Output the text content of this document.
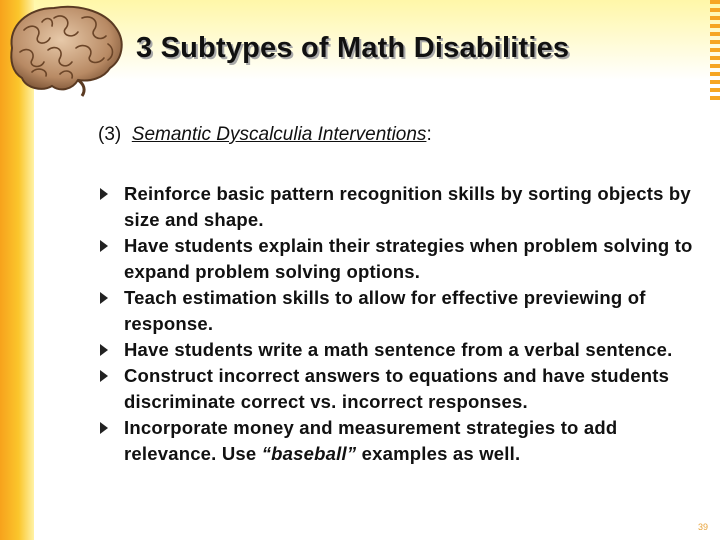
3 Subtypes of Math Disabilities
(3) Semantic Dyscalculia Interventions:
Reinforce basic pattern recognition skills by sorting objects by size and shape.
Have students explain their strategies when problem solving to expand problem solving options.
Teach estimation skills to allow for effective previewing of response.
Have students write a math sentence from a verbal sentence.
Construct incorrect answers to equations and have students discriminate correct vs. incorrect responses.
Incorporate money and measurement strategies to add relevance. Use “baseball” examples as well.
39
